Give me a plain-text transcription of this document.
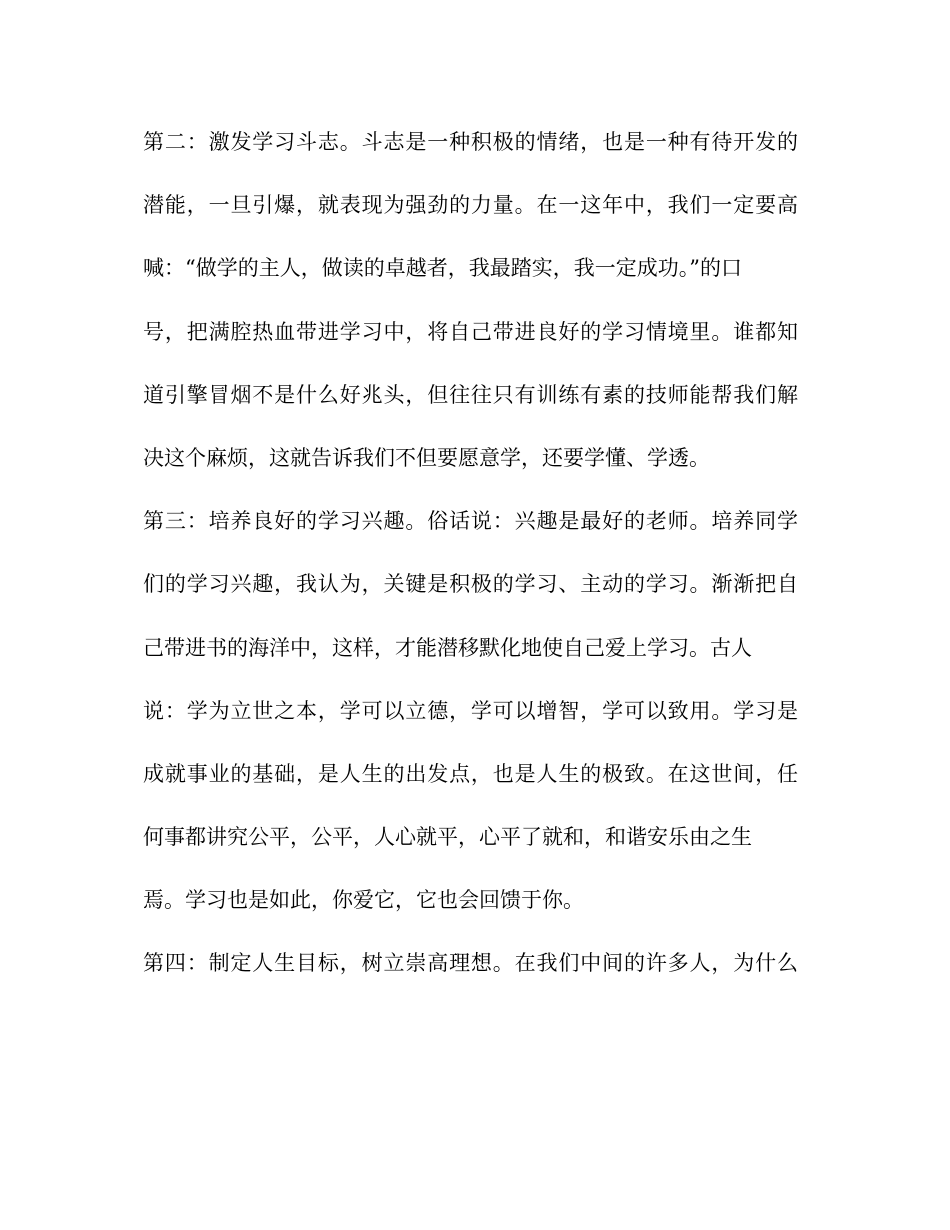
第二：激发学习斗志。斗志是一种积极的情绪，也是一种有待开发的
潜能，一旦引爆，就表现为强劲的力量。在一这年中，我们一定要高
喊：“做学的主人，做读的卓越者，我最踏实，我一定成功。”的口
号，把满腔热血带进学习中，将自己带进良好的学习情境里。谁都知
道引擎冒烟不是什么好兆头，但往往只有训练有素的技师能帮我们解
决这个麻烦，这就告诉我们不但要愿意学，还要学懂、学透。
第三：培养良好的学习兴趣。俗话说：兴趣是最好的老师。培养同学
们的学习兴趣，我认为，关键是积极的学习、主动的学习。渐渐把自
己带进书的海洋中，这样，才能潜移默化地使自己爱上学习。古人
说：学为立世之本，学可以立德，学可以增智，学可以致用。学习是
成就事业的基础，是人生的出发点，也是人生的极致。在这世间，任
何事都讲究公平，公平，人心就平，心平了就和，和谐安乐由之生
焉。学习也是如此，你爱它，它也会回馈于你。
第四：制定人生目标，树立崇高理想。在我们中间的许多人，为什么
